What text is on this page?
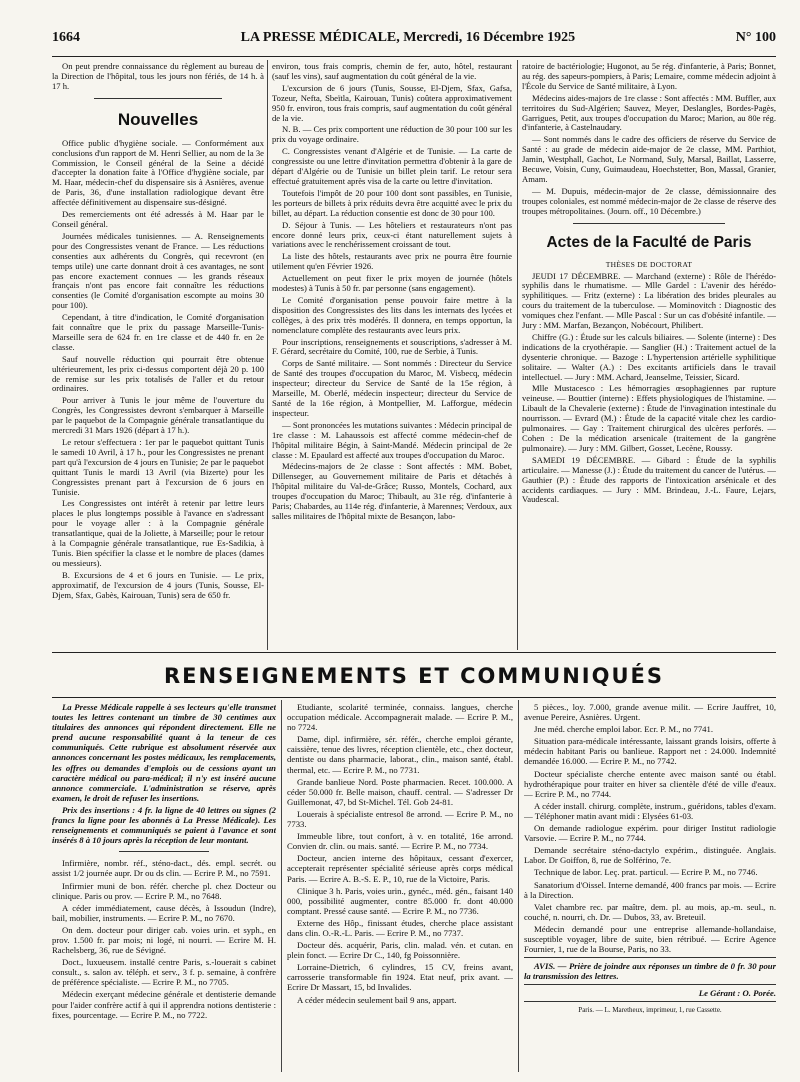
1664	LA PRESSE MÉDICALE, Mercredi, 16 Décembre 1925	N° 100

On peut prendre connaissance du règlement au bureau de la Direction de l'hôpital, tous les jours non fériés, de 14 h. à 17 h.

Nouvelles

Office public d'hygiène sociale. — Conformément aux conclusions d'un rapport de M. Henri Sellier, au nom de la 3e Commission, le Conseil général de la Seine a décidé d'accepter la donation faite à l'Office d'hygiène sociale, par M. Haar, médecin-chef du dispensaire sis à Asnières, avenue de Paris, 36, d'une installation radiologique devant être affectée définitivement au dispensaire sus-désigné.

Des remerciements ont été adressés à M. Haar par le Conseil général.

Journées médicales tunisiennes. — A. Renseignements pour des Congressistes venant de France. — Les réductions consenties aux adhérents du Congrès, qui recevront (en temps utile) une carte donnant droit à ces avantages, ne sont pas encore exactement connues — les grands réseaux français n'ont pas encore fait connaître les réductions consenties (le Comité d'organisation escompte au moins 30 pour 100).

Cependant, à titre d'indication, le Comité d'organisation fait connaître que le prix du passage Marseille-Tunis-Marseille sera de 624 fr. en 1re classe et de 440 fr. en 2e classe.

Sauf nouvelle réduction qui pourrait être obtenue ultérieurement, les prix ci-dessus comportent déjà 20 p. 100 de remise sur les prix totalisés de l'aller et du retour ordinaires.

Pour arriver à Tunis le jour même de l'ouverture du Congrès, les Congressistes devront s'embarquer à Marseille par le paquebot de la Compagnie générale transatlantique du mercredi 31 Mars 1926 (départ à 17 h.).

Le retour s'effectuera : 1er par le paquebot quittant Tunis le samedi 10 Avril, à 17 h., pour les Congressistes ne prenant part qu'à l'excursion de 4 jours en Tunisie; 2e par le paquebot quittant Tunis le mardi 13 Avril (via Bizerte) pour les Congressistes prenant part à l'excursion de 6 jours en Tunisie.

Les Congressistes ont intérêt à retenir par lettre leurs places le plus longtemps possible à l'avance en s'adressant pour le voyage aller : à la Compagnie générale transatlantique, quai de la Joliette, à Marseille; pour le retour à la Compagnie générale transatlantique, rue Es-Sadikia, à Tunis. Bien spécifier la classe et le nombre de places (dames ou messieurs).

B. Excursions de 4 et 6 jours en Tunisie. — Le prix, approximatif, de l'excursion de 4 jours (Tunis, Sousse, El-Djem, Sfax, Gabès, Kairouan, Tunis) sera de 650 fr.

environ, tous frais compris, chemin de fer, auto, hôtel, restaurant (sauf les vins), sauf augmentation du coût général de la vie.

L'excursion de 6 jours (Tunis, Sousse, El-Djem, Sfax, Gafsa, Tozeur, Nefta, Sbeïtla, Kairouan, Tunis) coûtera approximativement 950 fr. environ, tous frais compris, sauf augmentation du coût général de la vie.

N. B. — Ces prix comportent une réduction de 30 pour 100 sur les prix du voyage ordinaire.

C. Congressistes venant d'Algérie et de Tunisie. — La carte de congressiste ou une lettre d'invitation permettra d'obtenir à la gare de départ d'Algérie ou de Tunisie un billet plein tarif. Le retour sera effectué gratuitement après visa de la carte ou lettre d'invitation.

Toutefois l'impôt de 20 pour 100 dont sont passibles, en Tunisie, les porteurs de billets à prix réduits devra être acquitté avec le prix du billet, au départ. La réduction consentie est donc de 30 pour 100.

D. Séjour à Tunis. — Les hôteliers et restaurateurs n'ont pas encore donné leurs prix, ceux-ci étant naturellement sujets à variations avec le renchérissement croissant de tout.

La liste des hôtels, restaurants avec prix ne pourra être fournie utilement qu'en Février 1926.

Actuellement on peut fixer le prix moyen de journée (hôtels modestes) à Tunis à 50 fr. par personne (sans engagement).

Le Comité d'organisation pense pouvoir faire mettre à la disposition des Congressistes des lits dans les internats des lycées et collèges, à des prix très modérés. Il donnera, en temps opportun, la nomenclature complète des restaurants avec leurs prix.

Pour inscriptions, renseignements et souscriptions, s'adresser à M. F. Gérard, secrétaire du Comité, 100, rue de Serbie, à Tunis.

Corps de Santé militaire. — Sont nommés : Directeur du Service de Santé des troupes d'occupation du Maroc, M. Visbecq, médecin inspecteur; directeur du Service de Santé de la 15e région, à Marseille, M. Oberlé, médecin inspecteur; directeur du Service de Santé de la 16e région, à Montpellier, M. Lafforgue, médecin inspecteur.

— Sont prononcées les mutations suivantes : Médecin principal de 1re classe : M. Lahaussois est affecté comme médecin-chef de l'hôpital militaire Bégin, à Saint-Mandé. Médecin principal de 2e classe : M. Epaulard est affecté aux troupes d'occupation du Maroc.

Médecins-majors de 2e classe : Sont affectés : MM. Bobet, Dillenseger, au Gouvernement militaire de Paris et détachés à l'hôpital militaire du Val-de-Grâce; Russo, Montels, Cochard, aux troupes d'occupation du Maroc; Thibault, au 31e rég. d'infanterie à Paris; Chabardes, au 114e rég. d'infanterie, à Marennes; Verdoux, aux salles militaires de l'hôpital mixte de Besançon, labo-

ratoire de bactériologie; Hugonot, au 5e rég. d'infanterie, à Paris; Bonnet, au rég. des sapeurs-pompiers, à Paris; Lemaire, comme médecin adjoint à l'École du Service de Santé militaire, à Lyon.

Médecins aides-majors de 1re classe : Sont affectés : MM. Buffler, aux territoires du Sud-Algérien; Sauvez, Meyer, Deslangles, Bordes-Pagès, Garrigues, Petit, aux troupes d'occupation du Maroc; Marion, au 80e rég. d'infanterie, à Castelnaudary.

— Sont nommés dans le cadre des officiers de réserve du Service de Santé : au grade de médecin aide-major de 2e classe, MM. Parthiot, Jamin, Westphall, Gachot, Le Normand, Suly, Marsal, Baillat, Lasserre, Becuwe, Voisin, Cuny, Guimaudeau, Hoechstetter, Bon, Massal, Granier, Amam.

— M. Dupuis, médecin-major de 2e classe, démissionnaire des troupes coloniales, est nommé médecin-major de 2e classe de réserve des troupes métropolitaines. (Journ. off., 10 Décembre.)

Actes de la Faculté de Paris

THÈSES DE DOCTORAT

JEUDI 17 DÉCEMBRE. — Marchand (externe) : Rôle de l'hérédo-syphilis dans le rhumatisme. — Mlle Gardel : L'avenir des hérédo-syphilitiques. — Fritz (externe) : La libération des brides pleurales au cours du traitement de la tuberculose. — Mominovitch : Diagnostic des vomiques chez l'enfant. — Mlle Pascal : Sur un cas d'obésité infantile. — Jury : MM. Marfan, Bezançon, Nobécourt, Philibert.

Chiffre (G.) : Étude sur les calculs biliaires. — Solente (interne) : Des indications de la cryothérapie. — Sanglier (H.) : Traitement actuel de la dysenterie chronique. — Bazoge : L'hypertension artérielle syphilitique solitaire. — Walter (A.) : Des excitants artificiels dans le travail intellectuel. — Jury : MM. Achard, Jeanselme, Teissier, Sicard.

Mlle Mustacesco : Les hémorragies œsophagiennes par rupture veineuse. — Bouttier (interne) : Effets physiologiques de l'histamine. — Libault de la Chevalerie (externe) : Étude de l'invagination intestinale du nourrisson. — Evrard (M.) : Étude de la capacité vitale chez les cardio-pulmonaires. — Gay : Traitement chirurgical des ulcères perforés. — Cohen : De la médication arsenicale (traitement de la gangrène pulmonaire). — Jury : MM. Gilbert, Gosset, Lecène, Roussy.

SAMEDI 19 DÉCEMBRE. — Gibard : Étude de la syphilis articulaire. — Manesse (J.) : Étude du traitement du cancer de l'utérus. — Gauthier (P.) : Étude des rapports de l'intoxication arsénicale et des accidents cardiaques. — Jury : MM. Brindeau, J.-L. Faure, Lejars, Vaudescal.

RENSEIGNEMENTS ET COMMUNIQUÉS

La Presse Médicale rappelle à ses lecteurs qu'elle transmet toutes les lettres contenant un timbre de 30 centimes aux titulaires des annonces qui répondent directement. Elle ne prend aucune responsabilité quant à la teneur de ces communiqués. Cette rubrique est absolument réservée aux annonces concernant les postes médicaux, les remplacements, les offres ou demandes d'emplois ou de cessions ayant un caractère médical ou para-médical; il n'y est inséré aucune annonce commerciale. L'administration se réserve, après examen, le droit de refuser les insertions.

Prix des insertions : 4 fr. la ligne de 40 lettres ou signes (2 francs la ligne pour les abonnés à La Presse Médicale). Les renseignements et communiqués se paient à l'avance et sont insérés 8 à 10 jours après la réception de leur montant.

Infirmière, nombr. réf., sténo-dact., dés. empl. secrét. ou assist 1/2 journée aupr. Dr ou ds clin. — Ecrire P. M., no 7591.

Infirmier muni de bon. référ. cherche pl. chez Docteur ou clinique. Paris ou prov. — Ecrire P. M., no 7648.

A céder immédiatement, cause décès, à Issoudun (Indre), bail, mobilier, instruments. — Ecrire P. M., no 7670.

On dem. docteur pour diriger cab. voies urin. et syph., en prov. 1.500 fr. par mois; ni logé, ni nourri. — Ecrire M. H. Rachelsberg, 36, rue de Sévigné.

Doct., luxueusem. installé centre Paris, s.-louerait s cabinet consult., s. salon av. téléph. et serv., 3 f. p. semaine, à confrère de préférence spécialiste. — Ecrire P. M., no 7705.

Médecin exerçant médecine générale et dentisterie demande pour l'aider confrère actif à qui il apprendra notions dentisterie : fixes, pourcentage. — Ecrire P. M., no 7722.

Etudiante, scolarité terminée, connaiss. langues, cherche occupation médicale. Accompagnerait malade. — Ecrire P. M., no 7724.

Dame, dipl. infirmière, sér. référ., cherche emploi gérante, caissière, tenue des livres, réception clientèle, etc., chez docteur, dentiste ou dans pharmacie, laborat., clin., maison santé, établ. thermal, etc. — Ecrire P. M., no 7731.

Grande banlieue Nord. Poste pharmacien. Recet. 100.000. A céder 50.000 fr. Belle maison, chauff. central. — S'adresser Dr Guillemonat, 47, bd St-Michel. Tél. Gob 24-81.

Louerais à spécialiste entresol 8e arrond. — Ecrire P. M., no 7733.

Immeuble libre, tout confort, à v. en totalité, 16e arrond. Convien dr. clin. ou mais. santé. — Ecrire P. M., no 7734.

Docteur, ancien interne des hôpitaux, cessant d'exercer, accepterait représenter spécialité sérieuse après corps médical Paris. — Ecrire A. B.-S. E. P., 10, rue de la Victoire, Paris.

Clinique 3 h. Paris, voies urin., gynéc., méd. gén., faisant 140 000, possibilité augmenter, contre 85.000 fr. dont 40.000 comptant. Pressé cause santé. — Ecrire P. M., no 7736.

Externe des Hôp., finissant études, cherche place assistant dans clin. O.-R.-L. Paris. — Ecrire P. M., no 7737.

Docteur dés. acquérir, Paris, clin. malad. vén. et cutan. en plein fonct. — Ecrire Dr C., 140, fg Poissonnière.

Lorraine-Dietrich, 6 cylindres, 15 CV, freins avant, carrosserie transformable fin 1924. Etat neuf, prix avant. — Ecrire Dr Massart, 15, bd Invalides.

A céder médecin seulement bail 9 ans, appart.

5 pièces., loy. 7.000, grande avenue milit. — Ecrire Jauffret, 10, avenue Pereire, Asnières. Urgent.

Jne méd. cherche emploi labor. Ecr. P. M., no 7741.

Situation para-médicale intéressante, laissant grands loisirs, offerte à médecin habitant Paris ou banlieue. Rapport net : 24.000. Indemnité demandée 16.000. — Ecrire P. M., no 7742.

Docteur spécialiste cherche entente avec maison santé ou établ. hydrothérapique pour traiter en hiver sa clientèle d'été de ville d'eaux. — Ecrire P. M., no 7744.

A céder install. chirurg. complète, instrum., guéridons, tables d'exam. — Téléphoner matin avant midi : Elysées 61-03.

On demande radiologue expérim. pour diriger Institut radiologie Varsovie. — Ecrire P. M., no 7744.

Demande secrétaire sténo-dactylo expérim., distinguée. Anglais. Labor. Dr Goiffon, 8, rue de Solférino, 7e.

Technique de labor. Leç. prat. particul. — Ecrire P. M., no 7746.

Sanatorium d'Oissel. Interne demandé, 400 francs par mois. — Ecrire à la Direction.

Valet chambre rec. par maître, dem. pl. au mois, ap.-m. seul., n. couché, n. nourri, ch. Dr. — Dubos, 33, av. Breteuil.

Médecin demandé pour une entreprise allemande-hollandaise, susceptible voyager, libre de suite, bien rétribué. — Ecrire Agence Fournier, 1, rue de la Bourse, Paris, no 33.

AVIS. — Prière de joindre aux réponses un timbre de 0 fr. 30 pour la transmission des lettres.

Le Gérant : O. Porée.

Paris. — L. Maretheux, imprimeur, 1, rue Cassette.
